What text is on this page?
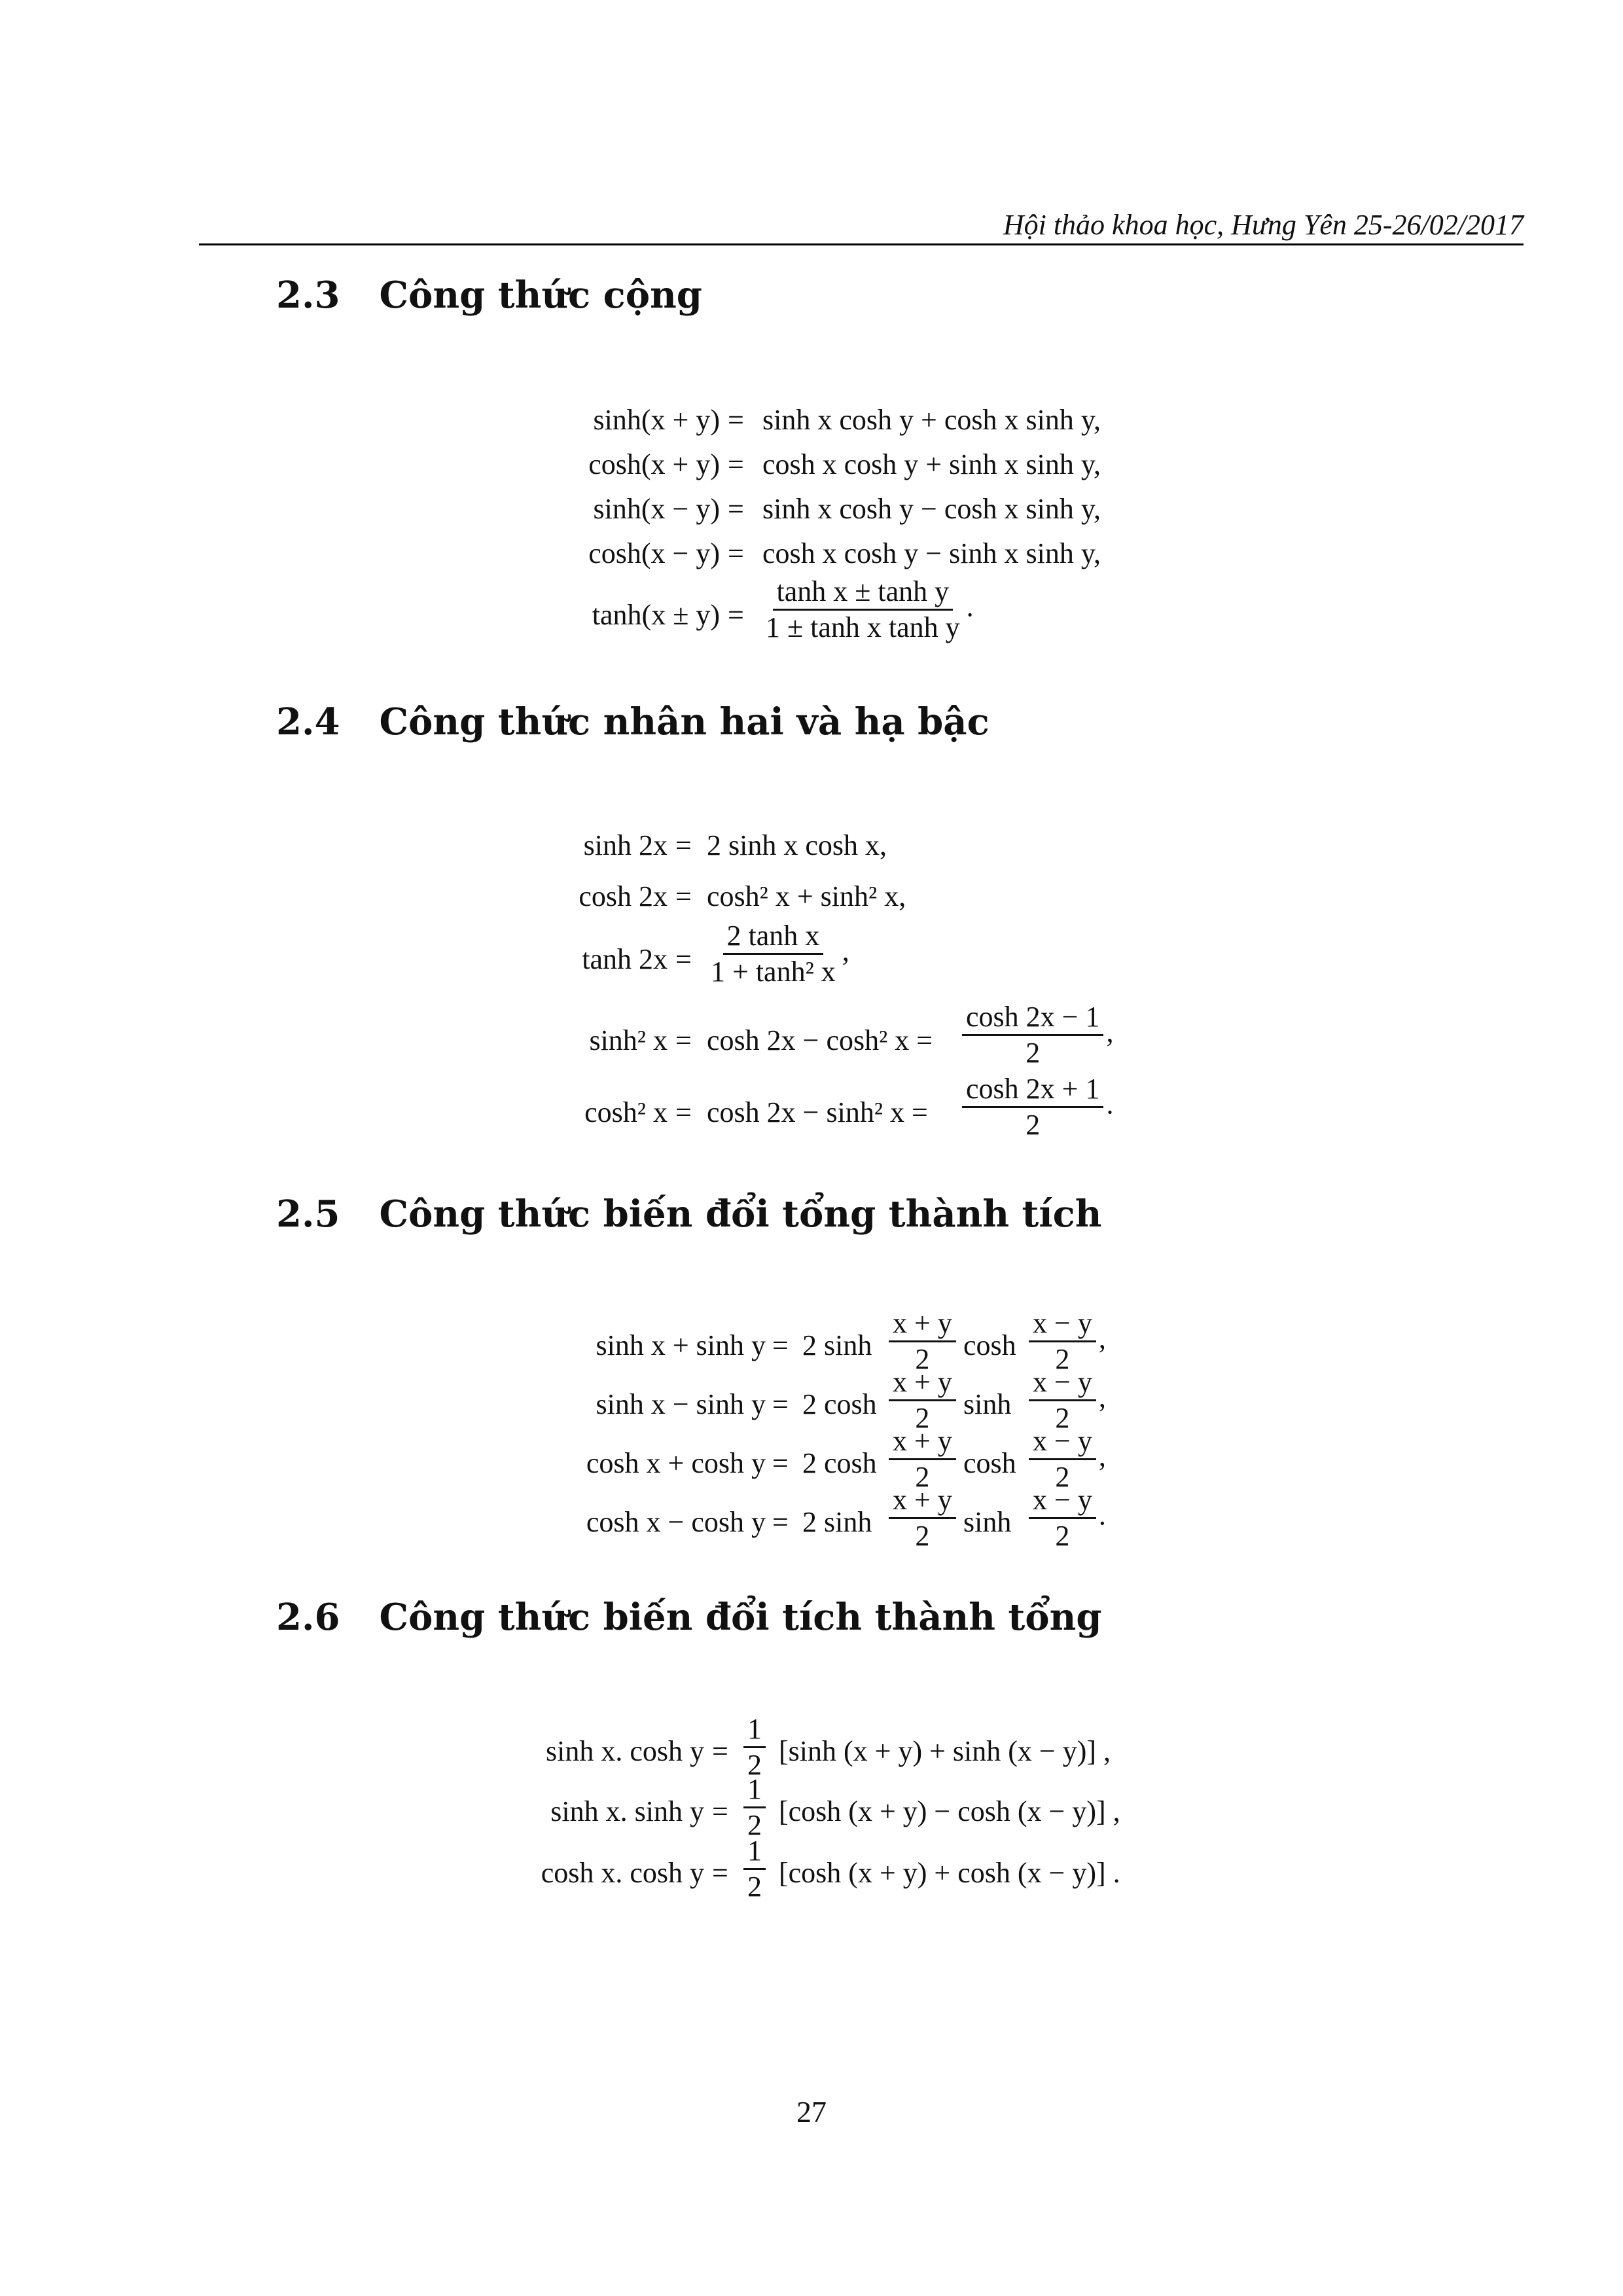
Hội thảo khoa học, Hưng Yên 25-26/02/2017
2.3 Công thức cộng
sinh(x + y) = sinh x cosh y + cosh x sinh y,
cosh(x + y) = cosh x cosh y + sinh x sinh y,
sinh(x − y) = sinh x cosh y − cosh x sinh y,
cosh(x − y) = cosh x cosh y − sinh x sinh y,
$\tanh(x \pm y) = \frac{\text{tanh x ± tanh y}}{\text{1 ± tanh x tanh y}}$ .
2.4 Công thức nhân hai và hạ bậc
sinh 2x = 2 sinh x cosh x,
cosh 2x = cosh² x + sinh² x,
$\tanh 2x = \frac{\text{2 tanh x}}{\text{1 + tanh² x}}$ ,
sinh² x = cosh 2x − cosh² $x = \frac{\cosh 2x - 1}{2}$ ,
cosh² x = cosh 2x − sinh² $x = \frac{\cosh 2x + 1}{2}$ .
2.5 Công thức biến đổi tổng thành tích
sinh x + sinh y = 2 $\sinh \frac{x + y}{2}$ $\cosh \frac{x - y}{2}$ ,
sinh x − sinh y = 2 $\cosh \frac{x + y}{2}$ $\sinh \frac{x - y}{2}$ ,
cosh x + cosh y = 2 $\cosh \frac{x + y}{2}$ $\cosh \frac{x - y}{2}$ ,
cosh x − cosh y = 2 $\sinh \frac{x + y}{2}$ $\sinh \frac{x - y}{2}$ .
2.6 Công thức biến đổi tích thành tổng
sinh x. $\cosh y = \frac{1}{2} [\sinh$ (x + y) + sinh (x − y)] ,
sinh x. $\sinh y = \frac{1}{2} [\cosh$ (x + y) − cosh (x − y)] ,
cosh x. $\cosh y = \frac{1}{2} [\cosh$ (x + y) + cosh (x − y)] .
27
